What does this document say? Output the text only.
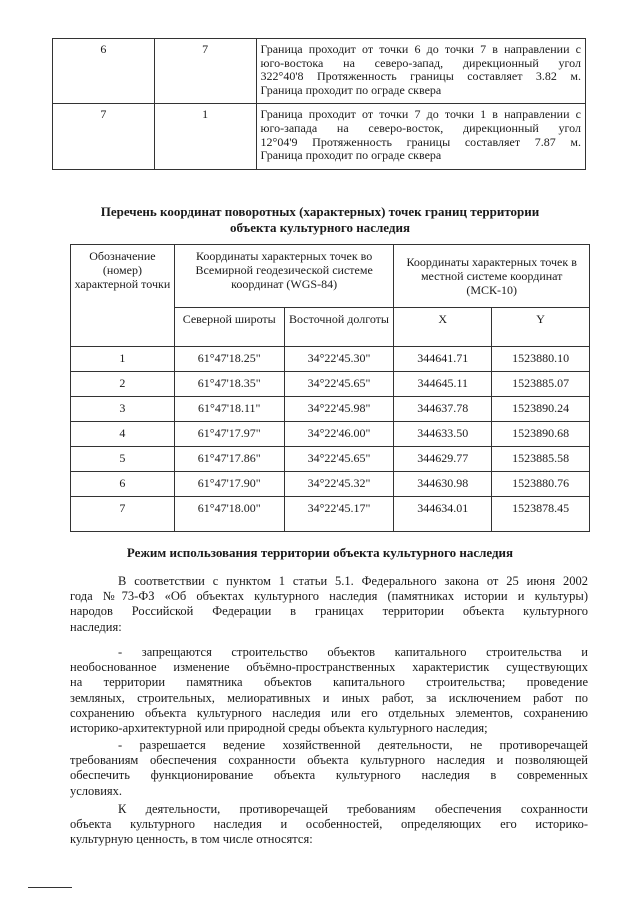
6	7	Граница проходит от точки 6 до точки 7 в направлении с
юго-востока на северо-запад, дирекционный угол
322°40'8 Протяженность границы составляет 3.82 м.
Граница проходит по ограде сквера

7	1	Граница проходит от точки 7 до точки 1 в направлении с
юго-запада на северо-восток, дирекционный угол
12°04'9 Протяженность границы составляет 7.87 м.
Граница проходит по ограде сквера
Перечень координат поворотных (характерных) точек границ территории
объекта культурного наследия
Обозначение (номер) характерной точки	Координаты характерных точек во Всемирной геодезической системе координат (WGS-84)		Координаты характерных точек в местной системе координат (МСК-10)	
	Северной широты	Восточной долготы	X	Y
1	61°47'18.25"	34°22'45.30"	344641.71	1523880.10
2	61°47'18.35"	34°22'45.65"	344645.11	1523885.07
3	61°47'18.11"	34°22'45.98"	344637.78	1523890.24
4	61°47'17.97"	34°22'46.00"	344633.50	1523890.68
5	61°47'17.86"	34°22'45.65"	344629.77	1523885.58
6	61°47'17.90"	34°22'45.32"	344630.98	1523880.76
7	61°47'18.00"	34°22'45.17"	344634.01	1523878.45
Режим использования территории объекта культурного наследия
В соответствии с пунктом 1 статьи 5.1. Федерального закона от 25 июня 2002
года №73-ФЗ «Об объектах культурного наследия (памятниках истории и культуры)
народов Российской Федерации в границах территории объекта культурного
наследия:
- запрещаются строительство объектов капитального строительства и
необоснованное изменение объёмно-пространственных характеристик существующих
на территории памятника объектов капитального строительства; проведение
земляных, строительных, мелиоративных и иных работ, за исключением работ по
сохранению объекта культурного наследия или его отдельных элементов, сохранению
историко-архитектурной или природной среды объекта культурного наследия;
- разрешается ведение хозяйственной деятельности, не противоречащей
требованиям обеспечения сохранности объекта культурного наследия и позволяющей
обеспечить функционирование объекта культурного наследия в современных
условиях.
К деятельности, противоречащей требованиям обеспечения сохранности
объекта культурного наследия и особенностей, определяющих его историко-
культурную ценность, в том числе относятся:
